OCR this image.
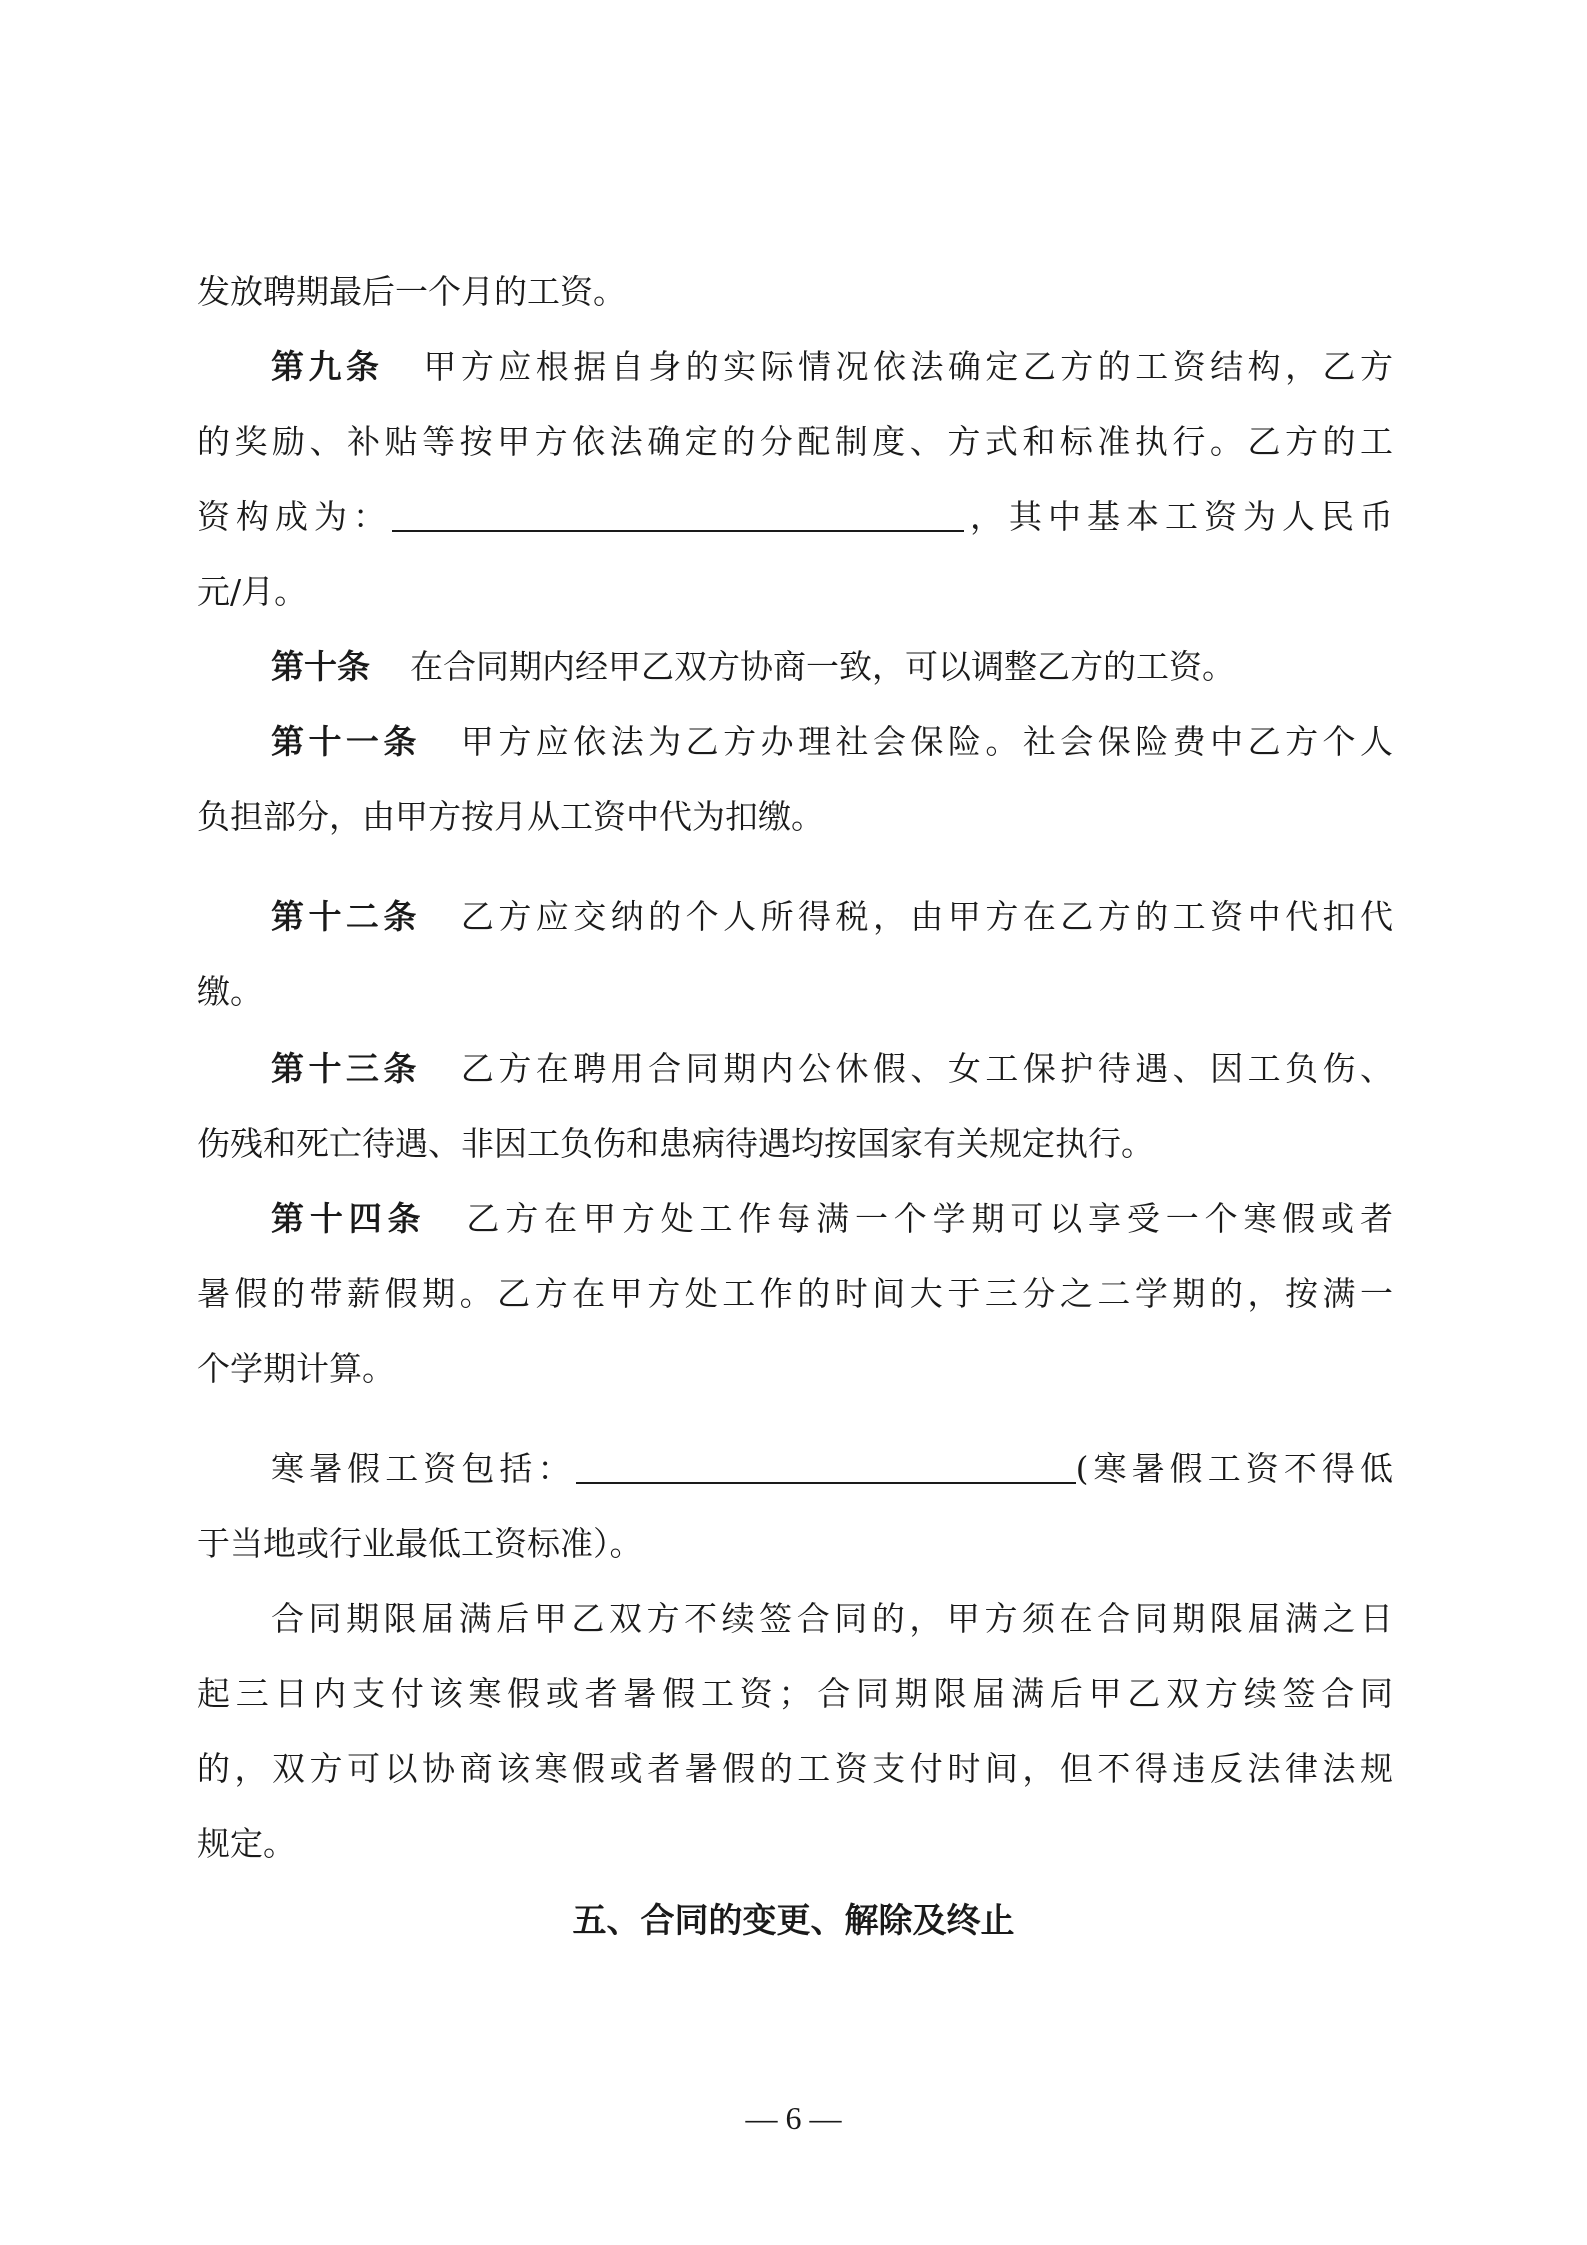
发放聘期最后一个月的工资。
第九条 甲方应根据自身的实际情况依法确定乙方的工资结构，乙方
的奖励、补贴等按甲方依法确定的分配制度、方式和标准执行。乙方的工
资构成为：	，其中基本工资为人民币
元/月。
第十条 在合同期内经甲乙双方协商一致，可以调整乙方的工资。
第十一条 甲方应依法为乙方办理社会保险。社会保险费中乙方个人
负担部分，由甲方按月从工资中代为扣缴。
第十二条 乙方应交纳的个人所得税，由甲方在乙方的工资中代扣代
缴。
第十三条 乙方在聘用合同期内公休假、女工保护待遇、因工负伤、
伤残和死亡待遇、非因工负伤和患病待遇均按国家有关规定执行。
第十四条 乙方在甲方处工作每满一个学期可以享受一个寒假或者
暑假的带薪假期。乙方在甲方处工作的时间大于三分之二学期的，按满一
个学期计算。
寒暑假工资包括：	(寒暑假工资不得低
于当地或行业最低工资标准）。
合同期限届满后甲乙双方不续签合同的，甲方须在合同期限届满之日
起三日内支付该寒假或者暑假工资；合同期限届满后甲乙双方续签合同
的，双方可以协商该寒假或者暑假的工资支付时间，但不得违反法律法规
规定。
五、合同的变更、解除及终止
— 6 —
